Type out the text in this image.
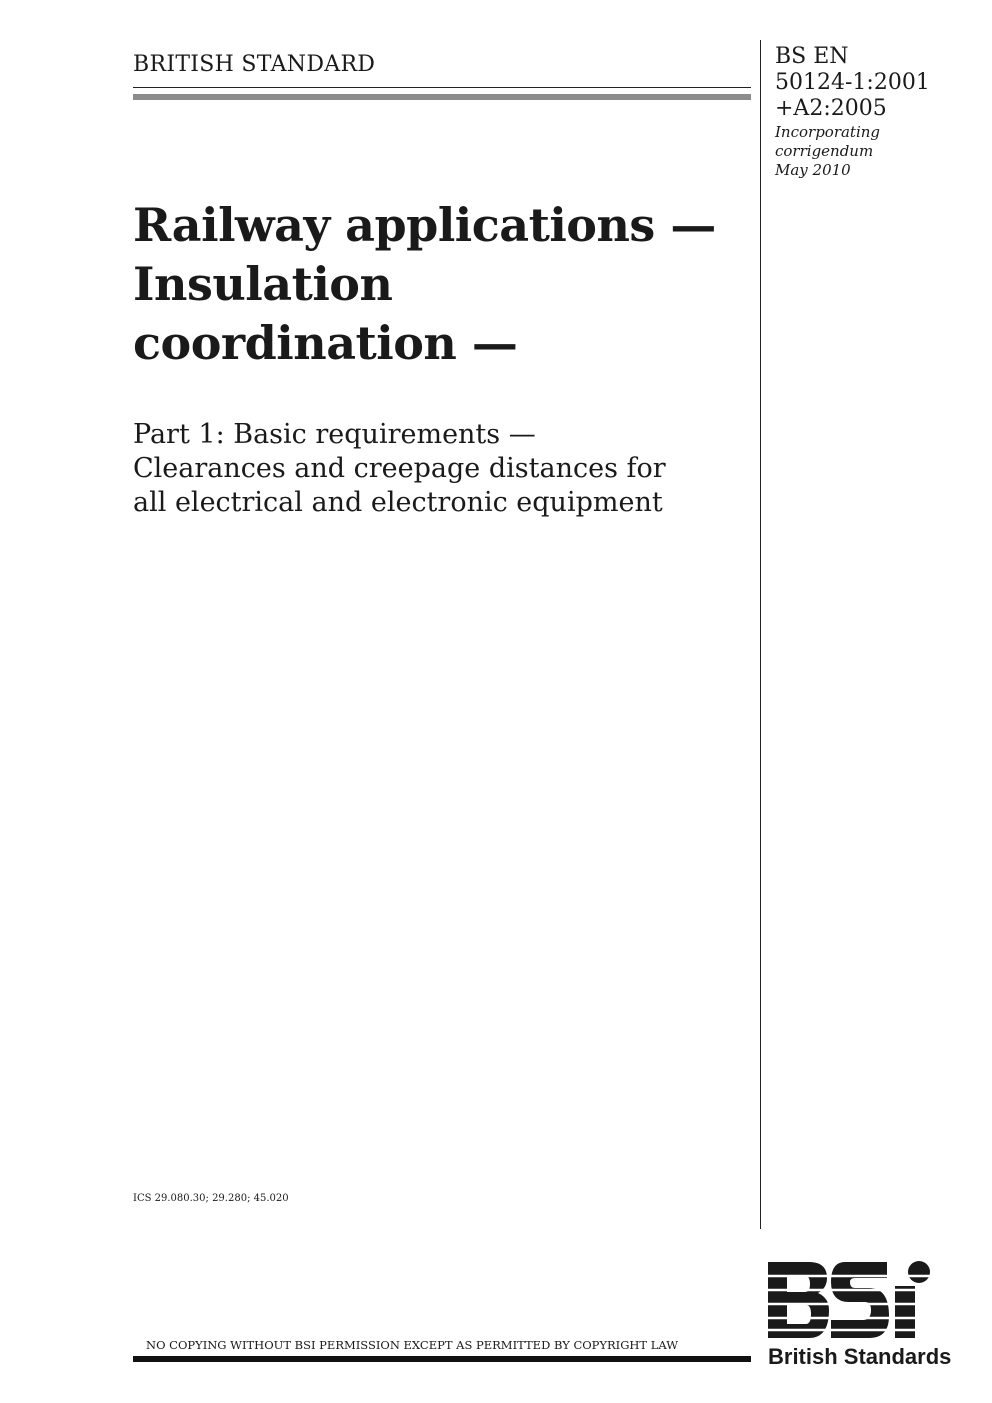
BRITISH STANDARD	BS EN
50124-1:2001
+A2:2005
Incorporating
corrigendum
May 2010
Railway applications —
Insulation
coordination —
Part 1: Basic requirements —
Clearances and creepage distances for
all electrical and electronic equipment
ICS 29.080.30; 29.280; 45.020
NO COPYING WITHOUT BSI PERMISSION EXCEPT AS PERMITTED BY COPYRIGHT LAW	British Standards
